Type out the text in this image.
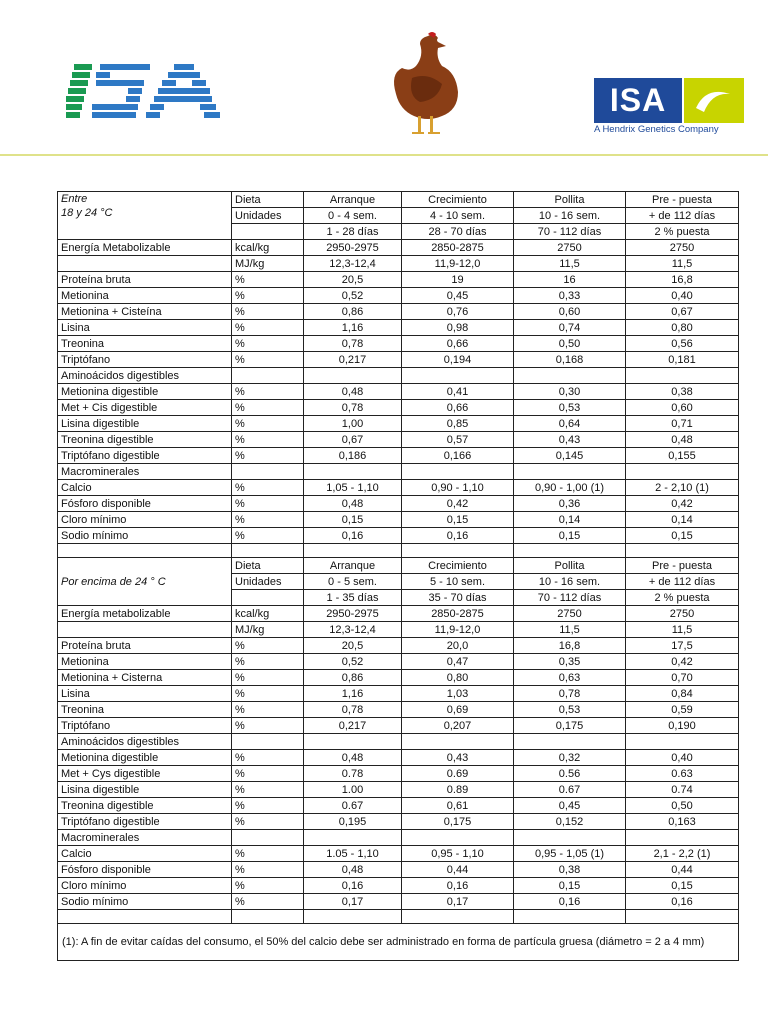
ISA
A Hendrix Genetics Company
Entre
18 y 24 °C	Dieta	Arranque	Crecimiento	Pollita	Pre - puesta
	Unidades	0 - 4 sem.	4 - 10 sem.	10 - 16 sem.	+ de 112 días
		1 - 28 días	28 - 70 días	70 - 112 días	2 % puesta
Energía Metabolizable	kcal/kg	2950-2975	2850-2875	2750	2750
	MJ/kg	12,3-12,4	11,9-12,0	11,5	11,5
Proteína bruta	%	20,5	19	16	16,8
Metionina	%	0,52	0,45	0,33	0,40
Metionina + Cisteína	%	0,86	0,76	0,60	0,67
Lisina	%	1,16	0,98	0,74	0,80
Treonina	%	0,78	0,66	0,50	0,56
Triptófano	%	0,217	0,194	0,168	0,181
Aminoácidos digestibles					
Metionina digestible	%	0,48	0,41	0,30	0,38
Met + Cis digestible	%	0,78	0,66	0,53	0,60
Lisina digestible	%	1,00	0,85	0,64	0,71
Treonina digestible	%	0,67	0,57	0,43	0,48
Triptófano digestible	%	0,186	0,166	0,145	0,155
Macrominerales					
Calcio	%	1,05 - 1,10	0,90 - 1,10	0,90 - 1,00 (1)	2 - 2,10 (1)
Fósforo disponible	%	0,48	0,42	0,36	0,42
Cloro mínimo	%	0,15	0,15	0,14	0,14
Sodio mínimo	%	0,16	0,16	0,15	0,15

Por encima de 24 ° C	Dieta	Arranque	Crecimiento	Pollita	Pre - puesta
	Unidades	0 - 5 sem.	5 - 10 sem.	10 - 16 sem.	+ de 112 días
		1 - 35 días	35 - 70 días	70 - 112 días	2 % puesta
Energía metabolizable	kcal/kg	2950-2975	2850-2875	2750	2750
	MJ/kg	12,3-12,4	11,9-12,0	11,5	11,5
Proteína bruta	%	20,5	20,0	16,8	17,5
Metionina	%	0,52	0,47	0,35	0,42
Metionina + Cisterna	%	0,86	0,80	0,63	0,70
Lisina	%	1,16	1,03	0,78	0,84
Treonina	%	0,78	0,69	0,53	0,59
Triptófano	%	0,217	0,207	0,175	0,190
Aminoácidos digestibles					
Metionina digestible	%	0,48	0,43	0,32	0,40
Met + Cys digestible	%	0.78	0.69	0.56	0.63
Lisina digestible	%	1.00	0.89	0.67	0.74
Treonina digestible	%	0.67	0,61	0,45	0,50
Triptófano digestible	%	0,195	0,175	0,152	0,163
Macrominerales					
Calcio	%	1.05 - 1,10	0,95 - 1,10	0,95 - 1,05 (1)	2,1 - 2,2 (1)
Fósforo disponible	%	0,48	0,44	0,38	0,44
Cloro mínimo	%	0,16	0,16	0,15	0,15
Sodio mínimo	%	0,17	0,17	0,16	0,16

(1): A fin de evitar caídas del consumo, el 50% del calcio debe ser administrado en forma de partícula gruesa (diámetro = 2 a 4 mm)					
